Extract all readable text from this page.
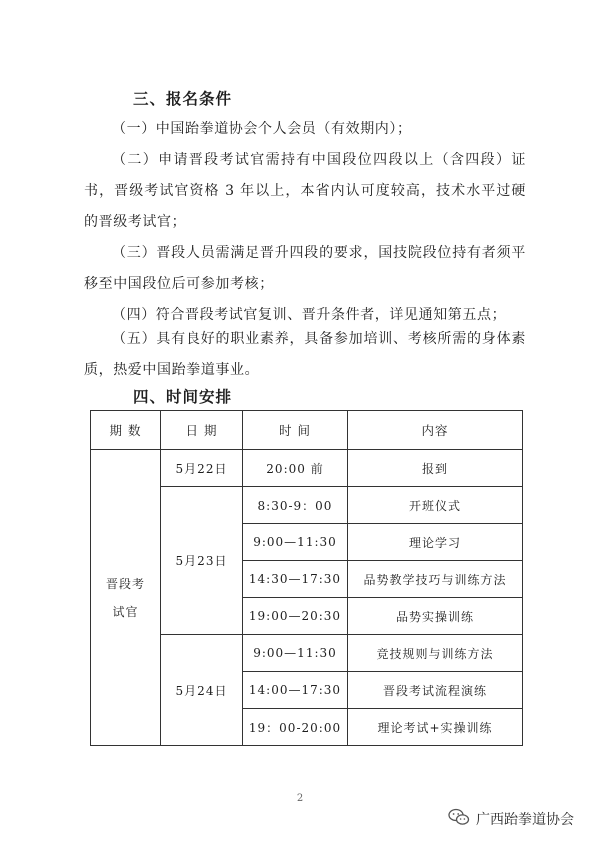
三、报名条件
（一）中国跆拳道协会个人会员（有效期内）；
（二）申请晋段考试官需持有中国段位四段以上（含四段）证书，晋级考试官资格 3 年以上，本省内认可度较高，技术水平过硬的晋级考试官；
（三）晋段人员需满足晋升四段的要求，国技院段位持有者须平移至中国段位后可参加考核；
（四）符合晋段考试官复训、晋升条件者，详见通知第五点；
（五）具有良好的职业素养，具备参加培训、考核所需的身体素质，热爱中国跆拳道事业。
四、时间安排
期 数	日 期	时 间	内容

晋段考试官	5月22日	20:00 前	报到
	5月23日	8:30-9：00	开班仪式
		9:00—11:30	理论学习
		14:30—17:30	品势教学技巧与训练方法
		19:00—20:30	品势实操训练
	5月24日	9:00—11:30	竞技规则与训练方法
		14:00—17:30	晋段考试流程演练
		19：00-20:00	理论考试+实操训练
2
广西跆拳道协会
